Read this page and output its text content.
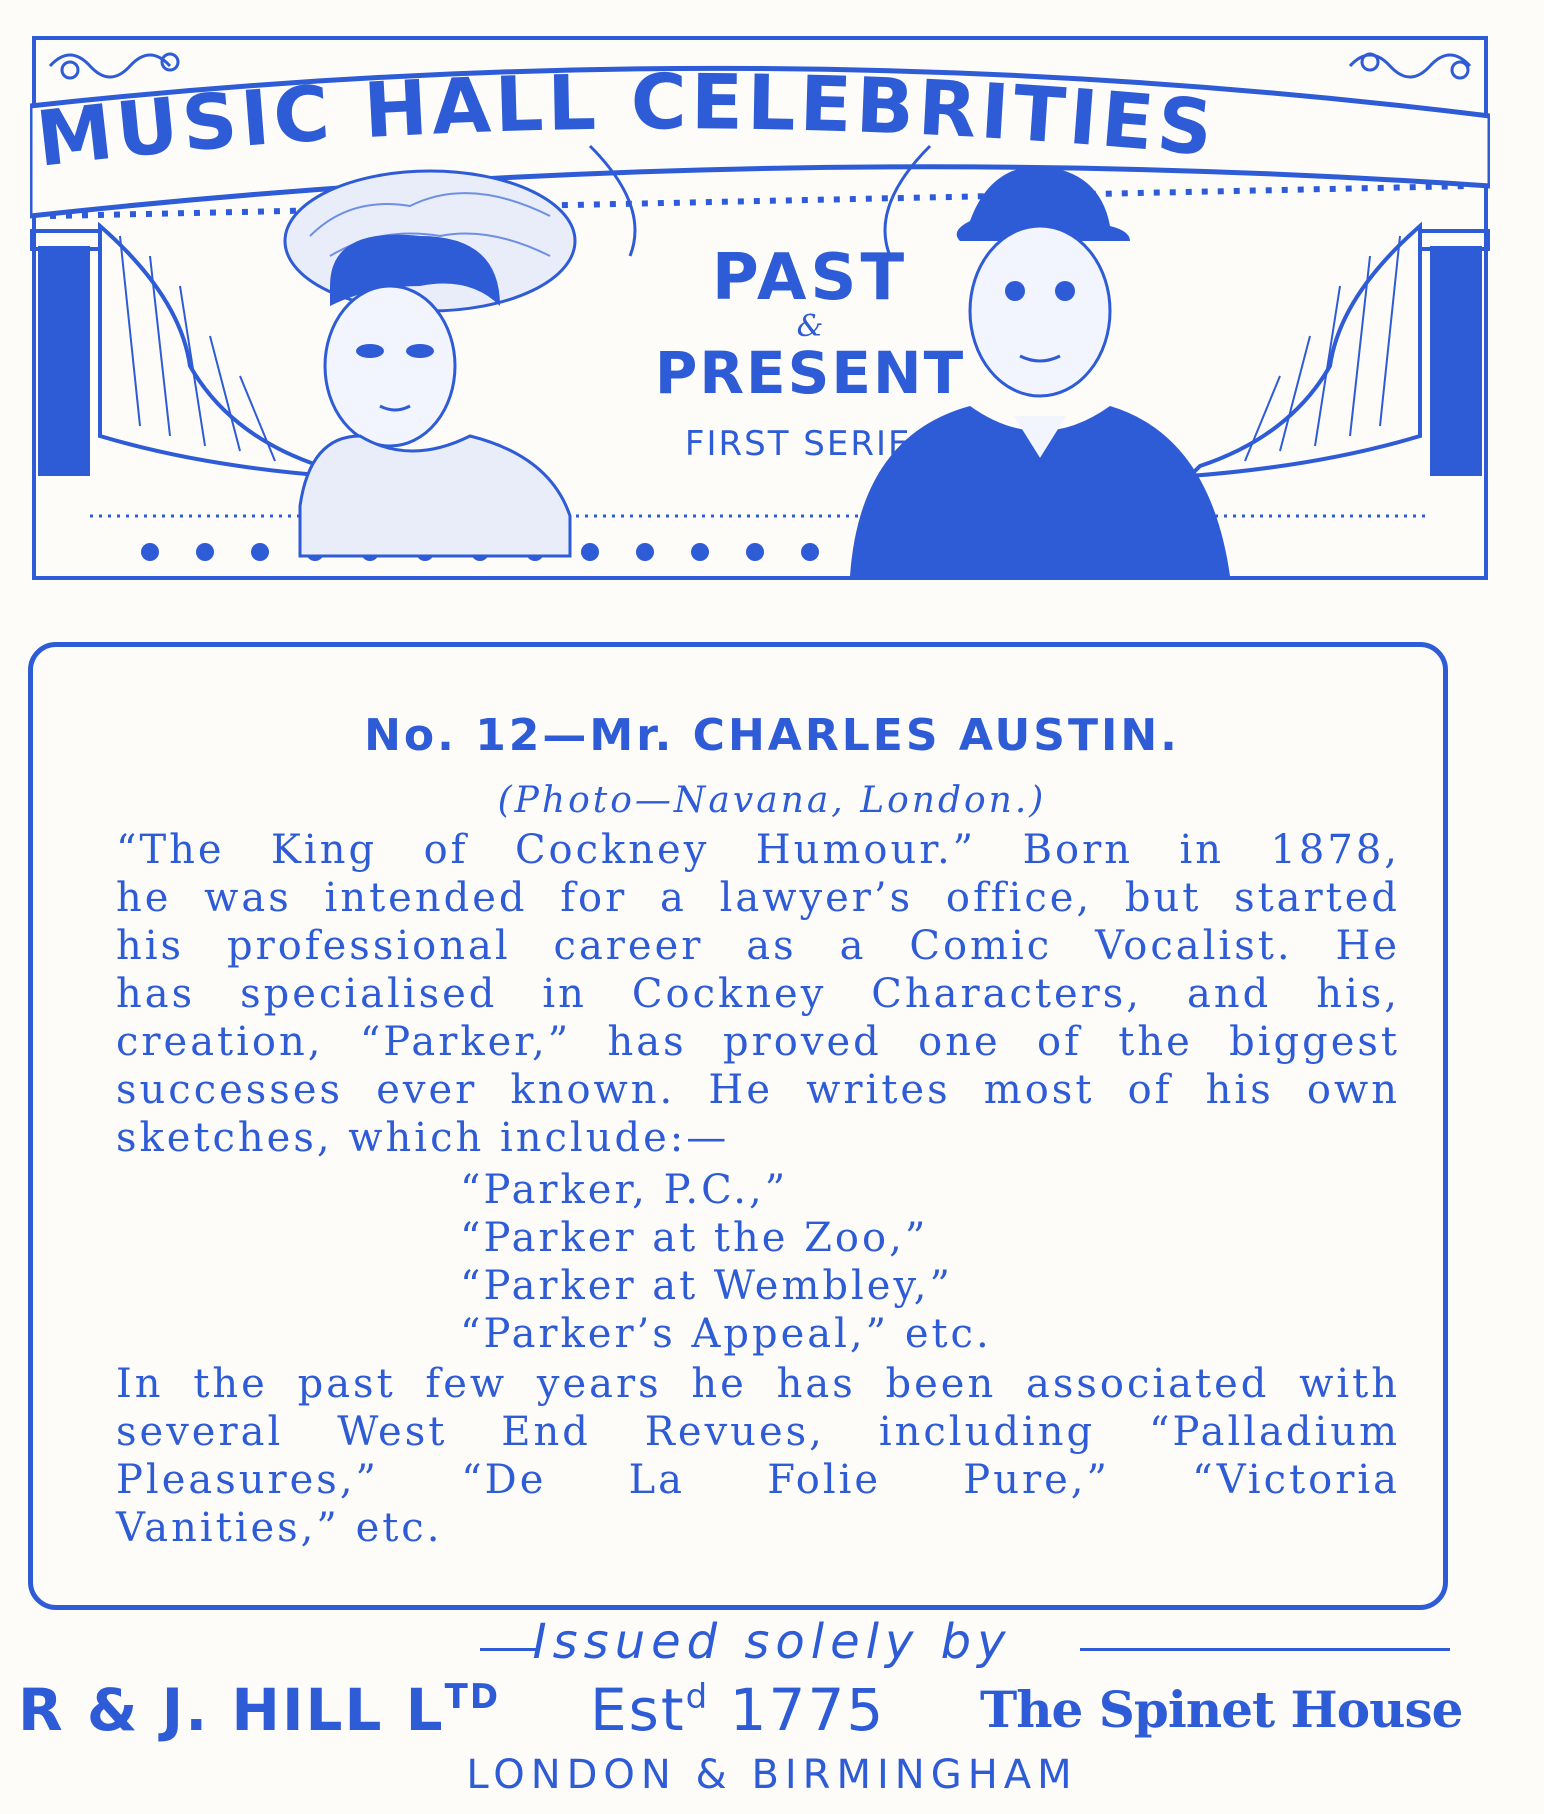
MUSIC HALL CELEBRITIES
PAST
&
PRESENT
FIRST SERIES
No. 12—Mr. CHARLES AUSTIN.
(Photo—Navana, London.)
“The King of Cockney Humour.” Born in 1878,
he was intended for a lawyer’s office, but started
his professional career as a Comic Vocalist. He
has specialised in Cockney Characters, and his,
creation, “Parker,” has proved one of the biggest
successes ever known. He writes most of his own
sketches, which include:—
“Parker, P.C.,”
“Parker at the Zoo,”
“Parker at Wembley,”
“Parker’s Appeal,” etc.
In the past few years he has been associated with
several West End Revues, including “Palladium
Pleasures,” “De La Folie Pure,” “Victoria
Vanities,” etc.
Issued solely by
R & J. HILL $L^{TD}$ Est$^d$ 1775 The Spinet House
LONDON & BIRMINGHAM
